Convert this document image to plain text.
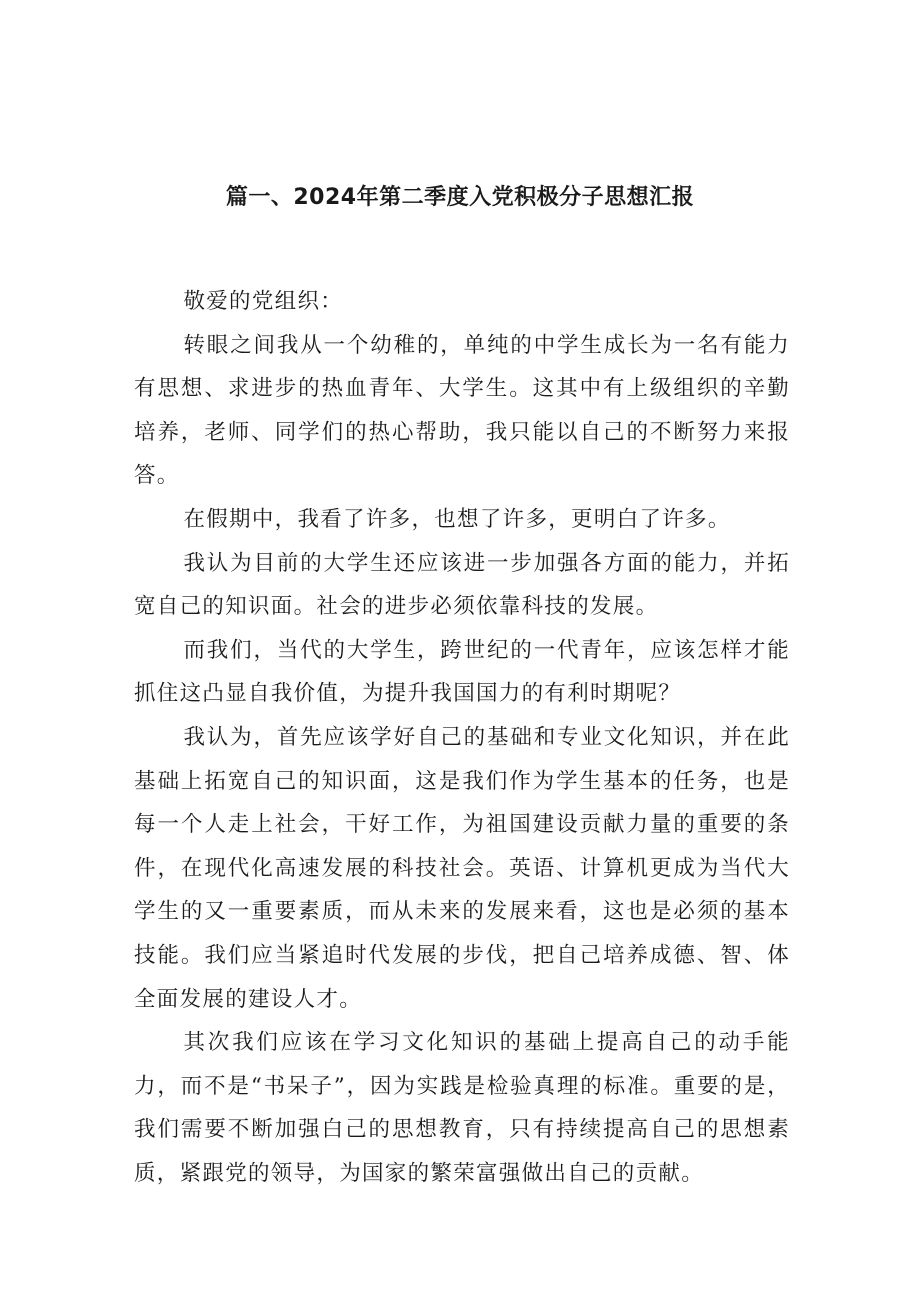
篇一、2024年第二季度入党积极分子思想汇报

敬爱的党组织：

转眼之间我从一个幼稚的，单纯的中学生成长为一名有能力有思想、求进步的热血青年、大学生。这其中有上级组织的辛勤培养，老师、同学们的热心帮助，我只能以自己的不断努力来报答。

在假期中，我看了许多，也想了许多，更明白了许多。

我认为目前的大学生还应该进一步加强各方面的能力，并拓宽自己的知识面。社会的进步必须依靠科技的发展。

而我们，当代的大学生，跨世纪的一代青年，应该怎样才能抓住这凸显自我价值，为提升我国国力的有利时期呢？

我认为，首先应该学好自己的基础和专业文化知识，并在此基础上拓宽自己的知识面，这是我们作为学生基本的任务，也是每一个人走上社会，干好工作，为祖国建设贡献力量的重要的条件，在现代化高速发展的科技社会。英语、计算机更成为当代大学生的又一重要素质，而从未来的发展来看，这也是必须的基本技能。我们应当紧追时代发展的步伐，把自己培养成德、智、体全面发展的建设人才。

其次我们应该在学习文化知识的基础上提高自己的动手能力，而不是“书呆子”，因为实践是检验真理的标准。重要的是，我们需要不断加强白己的思想教育，只有持续提高自己的思想素质，紧跟党的领导，为国家的繁荣富强做出自己的贡献。
